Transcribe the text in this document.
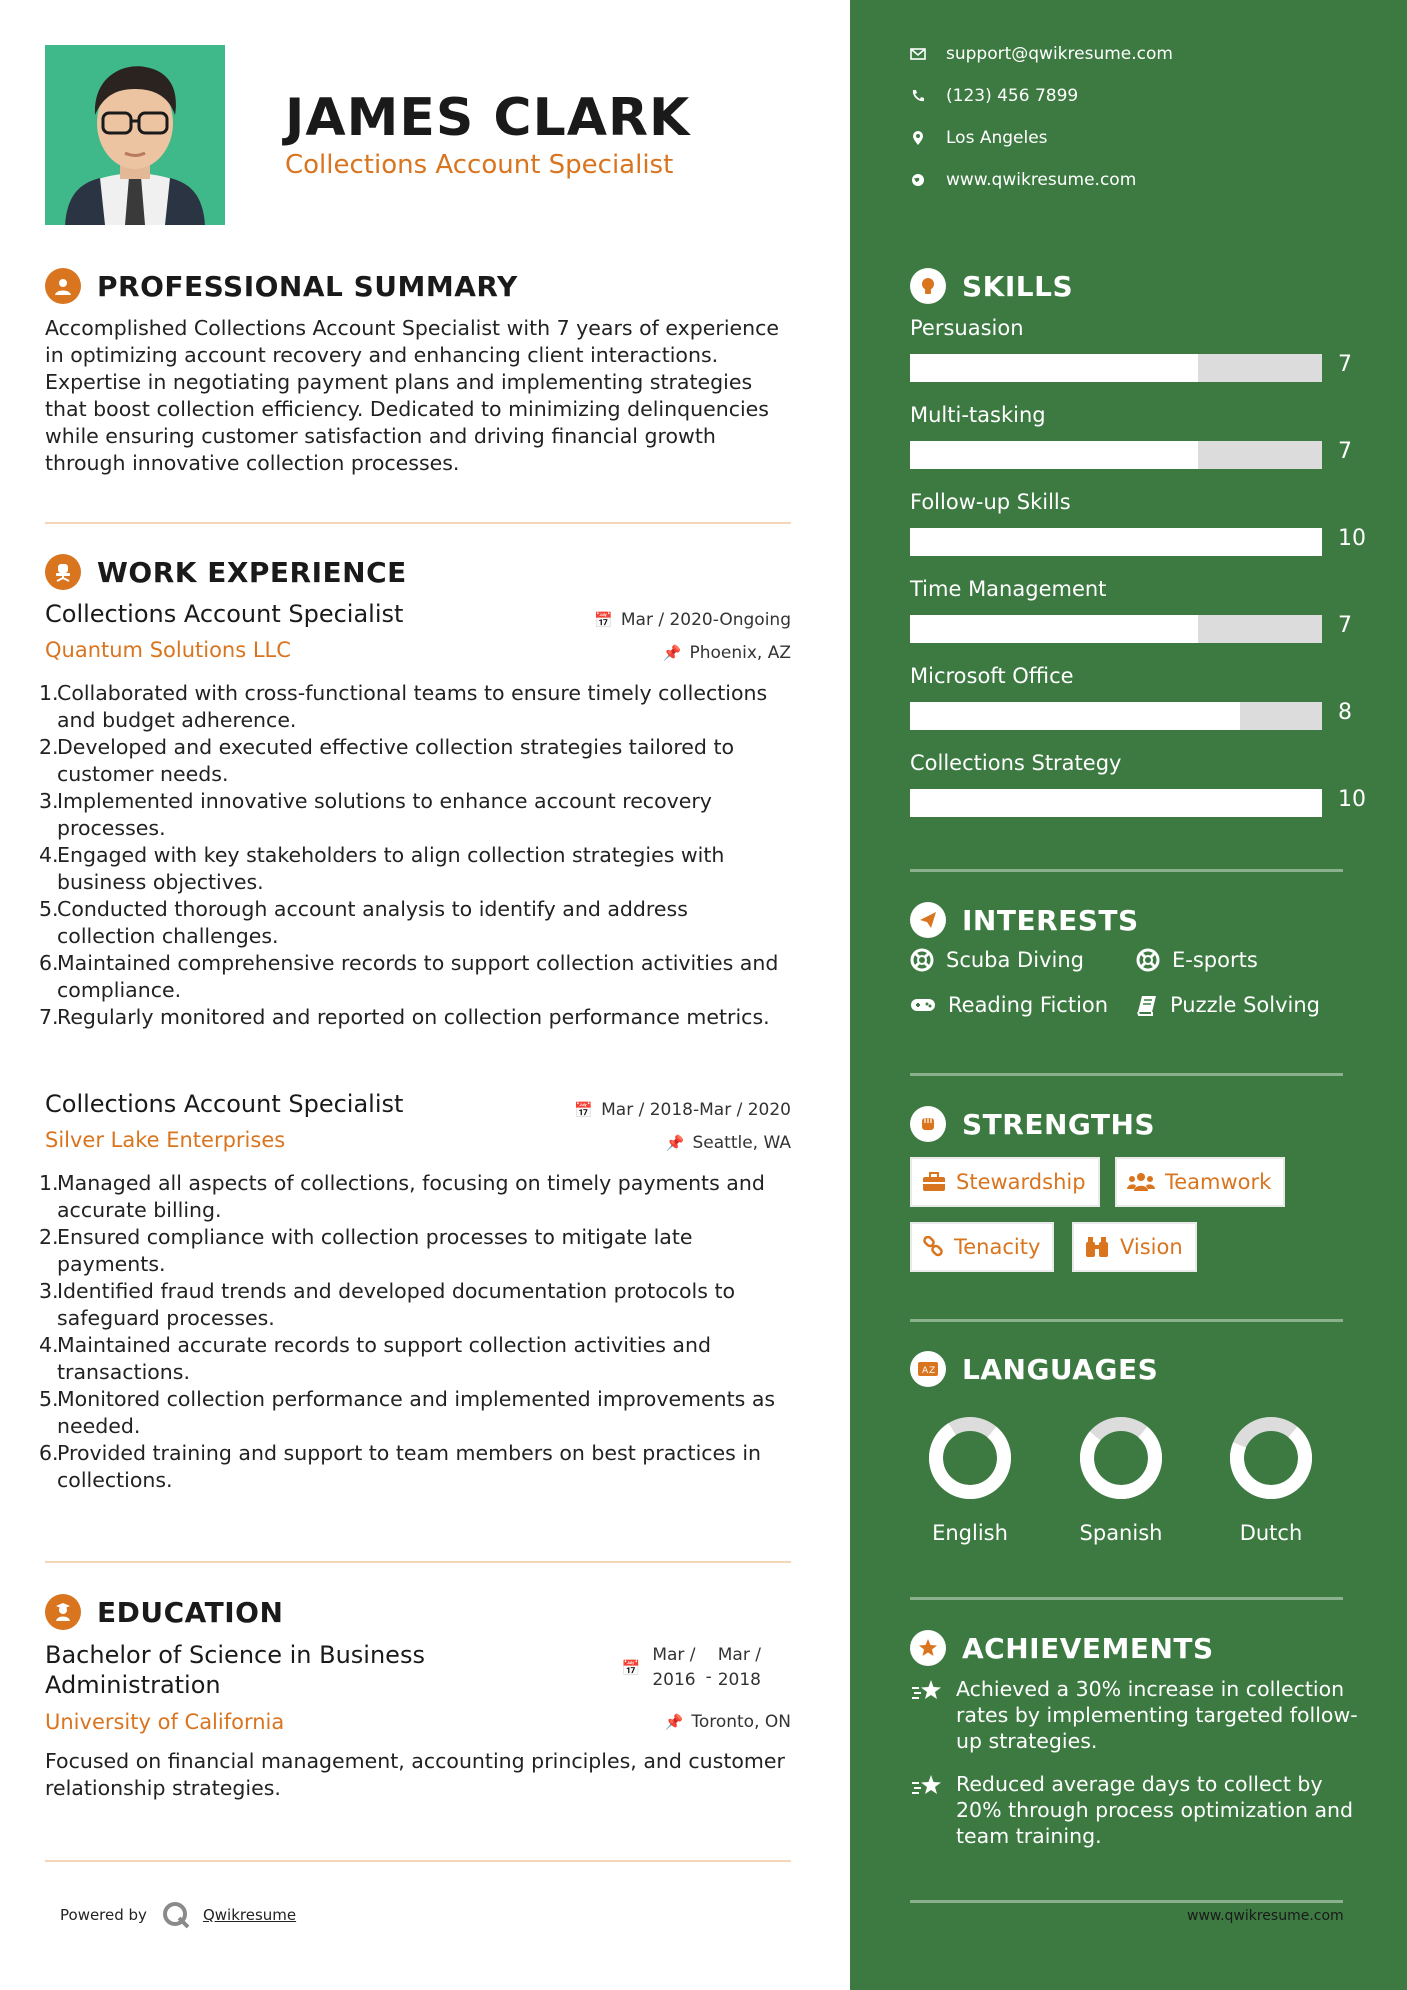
JAMES CLARK
Collections Account Specialist
PROFESSIONAL SUMMARY
Accomplished Collections Account Specialist with 7 years of experience in optimizing account recovery and enhancing client interactions. Expertise in negotiating payment plans and implementing strategies that boost collection efficiency. Dedicated to minimizing delinquencies while ensuring customer satisfaction and driving financial growth through innovative collection processes.
WORK EXPERIENCE
Collections Account Specialist
Quantum Solutions LLC
📅 Mar / 2020-Ongoing
📌 Phoenix, AZ
1.
Collaborated with cross-functional teams to ensure timely collections and budget adherence.
2.
Developed and executed effective collection strategies tailored to customer needs.
3.
Implemented innovative solutions to enhance account recovery processes.
4.
Engaged with key stakeholders to align collection strategies with business objectives.
5.
Conducted thorough account analysis to identify and address collection challenges.
6.
Maintained comprehensive records to support collection activities and compliance.
7.
Regularly monitored and reported on collection performance metrics.
Collections Account Specialist
Silver Lake Enterprises
📅 Mar / 2018-Mar / 2020
📌 Seattle, WA
1.
Managed all aspects of collections, focusing on timely payments and accurate billing.
2.
Ensured compliance with collection processes to mitigate late payments.
3.
Identified fraud trends and developed documentation protocols to safeguard processes.
4.
Maintained accurate records to support collection activities and transactions.
5.
Monitored collection performance and implemented improvements as needed.
6.
Provided training and support to team members on best practices in collections.
EDUCATION
Bachelor of Science in Business
Administration
University of California
📅
Mar /
2016 -
Mar /
2018
📌 Toronto, ON
Focused on financial management, accounting principles, and customer relationship strategies.
Powered by	Qwikresume
support@qwikresume.com
(123) 456 7899
Los Angeles
www.qwikresume.com
SKILLS
Persuasion
7
Multi-tasking
7
Follow-up Skills
10
Time Management
7
Microsoft Office
8
Collections Strategy
10
INTERESTS
Scuba Diving	E-sports
Reading Fiction	Puzzle Solving
STRENGTHS
Stewardship	Teamwork
Tenacity	Vision
A Z LANGUAGES
English	Spanish	Dutch
ACHIEVEMENTS
Achieved a 30% increase in collection rates by implementing targeted follow-up strategies.
Reduced average days to collect by 20% through process optimization and team training.
www.qwikresume.com
